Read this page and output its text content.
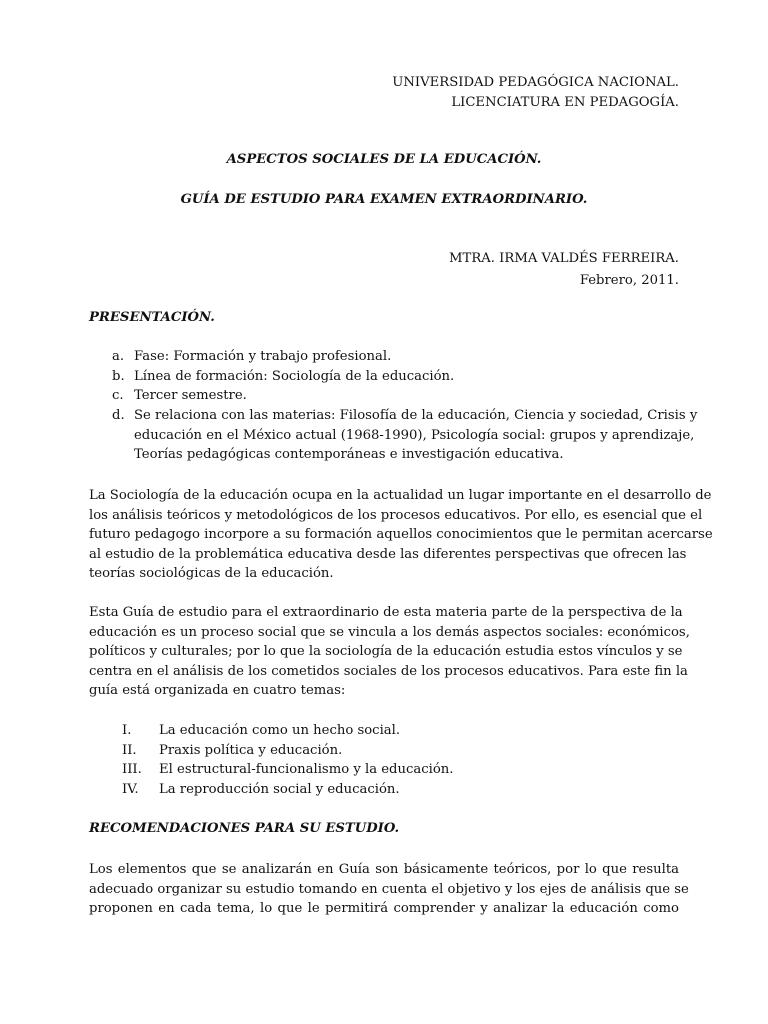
UNIVERSIDAD PEDAGÓGICA NACIONAL.
LICENCIATURA EN PEDAGOGÍA.
ASPECTOS SOCIALES DE LA EDUCACIÓN.
GUÍA DE ESTUDIO PARA EXAMEN EXTRAORDINARIO.
MTRA. IRMA VALDÉS FERREIRA.
Febrero, 2011.
PRESENTACIÓN.
a. Fase: Formación y trabajo profesional.
b. Línea de formación: Sociología de la educación.
c. Tercer semestre.
d. Se relaciona con las materias: Filosofía de la educación, Ciencia y sociedad, Crisis y
educación en el México actual (1968-1990), Psicología social: grupos y aprendizaje,
Teorías pedagógicas contemporáneas e investigación educativa.
La Sociología de la educación ocupa en la actualidad un lugar importante en el desarrollo de
los análisis teóricos y metodológicos de los procesos educativos. Por ello, es esencial que el
futuro pedagogo incorpore a su formación aquellos conocimientos que le permitan acercarse
al estudio de la problemática educativa desde las diferentes perspectivas que ofrecen las
teorías sociológicas de la educación.
Esta Guía de estudio para el extraordinario de esta materia parte de la perspectiva de la
educación es un proceso social que se vincula a los demás aspectos sociales: económicos,
políticos y culturales; por lo que la sociología de la educación estudia estos vínculos y se
centra en el análisis de los cometidos sociales de los procesos educativos. Para este fin la
guía está organizada en cuatro temas:
I. La educación como un hecho social.
II. Praxis política y educación.
III. El estructural-funcionalismo y la educación.
IV. La reproducción social y educación.
RECOMENDACIONES PARA SU ESTUDIO.
Los elementos que se analizarán en Guía son básicamente teóricos, por lo que resulta
adecuado organizar su estudio tomando en cuenta el objetivo y los ejes de análisis que se
proponen en cada tema, lo que le permitirá comprender y analizar la educación como
